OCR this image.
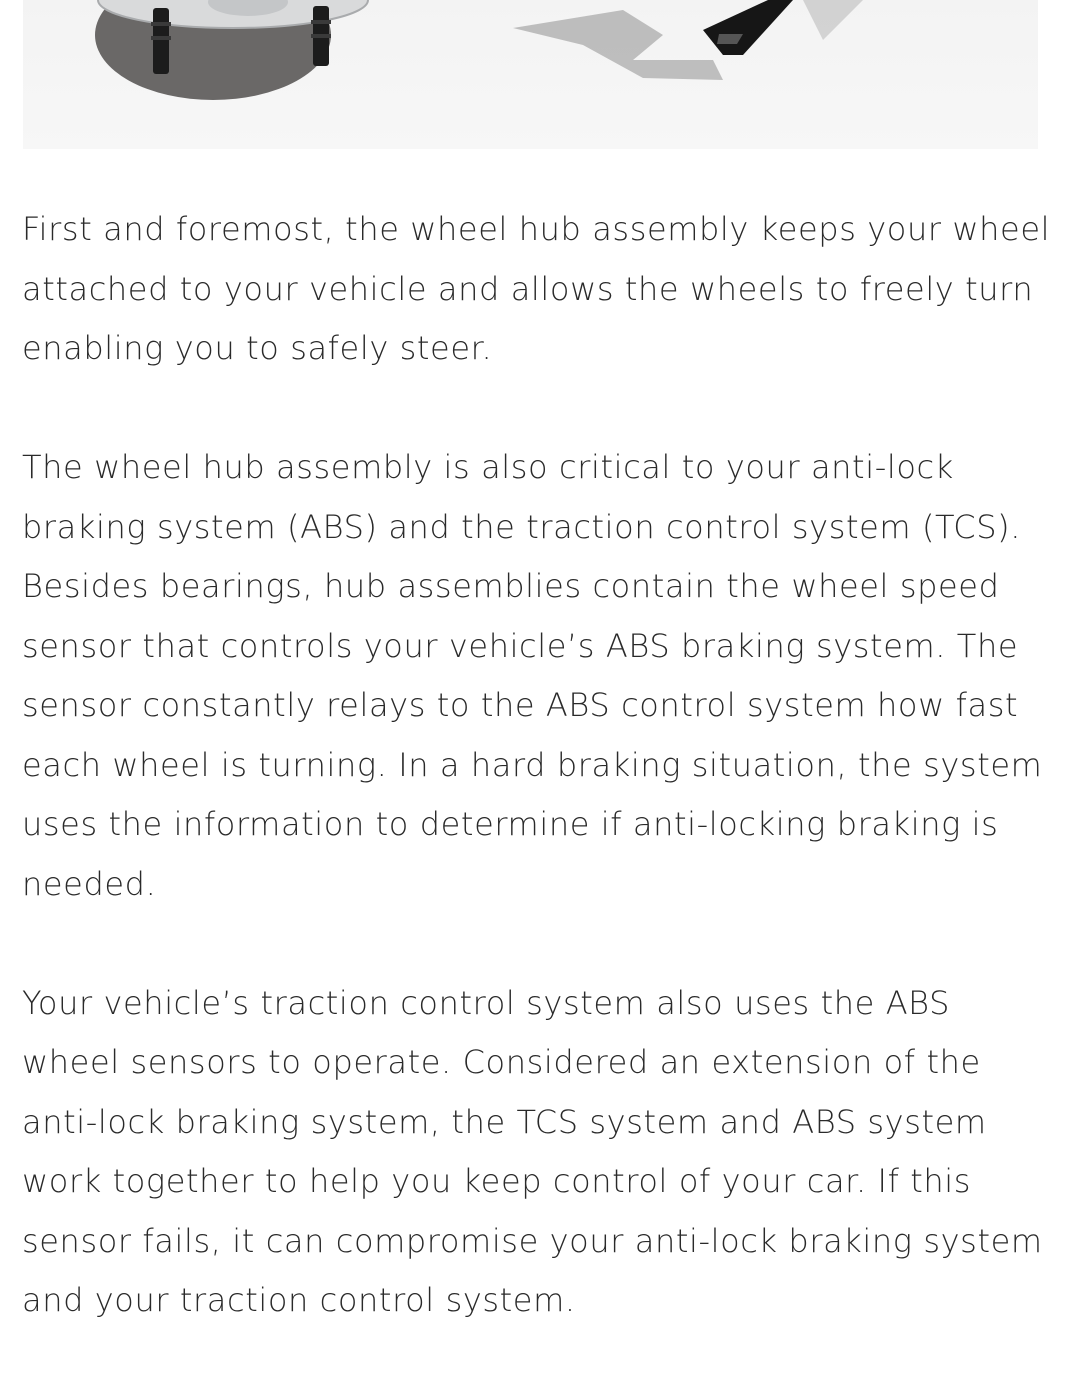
First and foremost, the wheel hub assembly keeps your wheel attached to your vehicle and allows the wheels to freely turn enabling you to safely steer.

The wheel hub assembly is also critical to your anti-lock braking system (ABS) and the traction control system (TCS). Besides bearings, hub assemblies contain the wheel speed sensor that controls your vehicle’s ABS braking system. The sensor constantly relays to the ABS control system how fast each wheel is turning. In a hard braking situation, the system uses the information to determine if anti-locking braking is needed.

Your vehicle’s traction control system also uses the ABS wheel sensors to operate. Considered an extension of the anti-lock braking system, the TCS system and ABS system work together to help you keep control of your car. If this sensor fails, it can compromise your anti-lock braking system and your traction control system.
